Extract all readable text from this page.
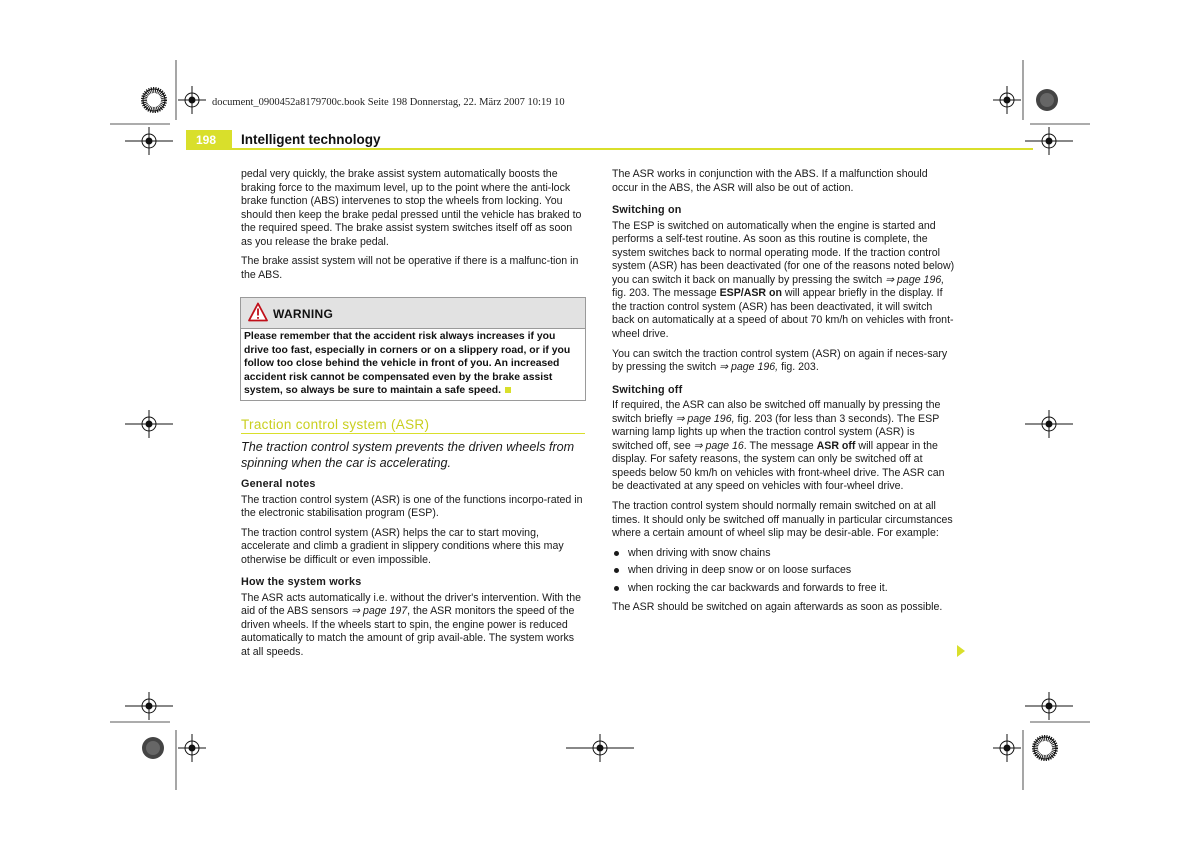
document_0900452a8179700c.book Seite 198 Donnerstag, 22. März 2007 10:19 10
198	Intelligent technology

pedal very quickly, the brake assist system automatically boosts the braking force to the maximum level, up to the point where the anti-lock brake function (ABS) intervenes to stop the wheels from locking. You should then keep the brake pedal pressed until the vehicle has braked to the required speed. The brake assist system switches itself off as soon as you release the brake pedal.

The brake assist system will not be operative if there is a malfunc-tion in the ABS.

WARNING
Please remember that the accident risk always increases if you drive too fast, especially in corners or on a slippery road, or if you follow too close behind the vehicle in front of you. An increased accident risk cannot be compensated even by the brake assist system, so always be sure to maintain a safe speed.
Traction control system (ASR)
The traction control system prevents the driven wheels from spinning when the car is accelerating.
General notes

The traction control system (ASR) is one of the functions incorpo-rated in the electronic stabilisation program (ESP).

The traction control system (ASR) helps the car to start moving, accelerate and climb a gradient in slippery conditions where this may otherwise be difficult or even impossible.

How the system works

The ASR acts automatically i.e. without the driver's intervention. With the aid of the ABS sensors ⇒ page 197, the ASR monitors the speed of the driven wheels. If the wheels start to spin, the engine power is reduced automatically to match the amount of grip avail-able. The system works at all speeds.

The ASR works in conjunction with the ABS. If a malfunction should occur in the ABS, the ASR will also be out of action.

Switching on

The ESP is switched on automatically when the engine is started and performs a self-test routine. As soon as this routine is complete, the system switches back to normal operating mode. If the traction control system (ASR) has been deactivated (for one of the reasons noted below) you can switch it back on manually by pressing the switch ⇒ page 196, fig. 203. The message ESP/ASR on will appear briefly in the display. If the traction control system (ASR) has been deactivated, it will switch back on automatically at a speed of about 70 km/h on vehicles with front-wheel drive.

You can switch the traction control system (ASR) on again if neces-sary by pressing the switch ⇒ page 196, fig. 203.

Switching off

If required, the ASR can also be switched off manually by pressing the switch briefly ⇒ page 196, fig. 203 (for less than 3 seconds). The ESP warning lamp lights up when the traction control system (ASR) is switched off, see ⇒ page 16. The message ASR off will appear in the display. For safety reasons, the system can only be switched off at speeds below 50 km/h on vehicles with front-wheel drive. The ASR can be deactivated at any speed on vehicles with four-wheel drive.

The traction control system should normally remain switched on at all times. It should only be switched off manually in particular circumstances where a certain amount of wheel slip may be desir-able. For example:

when driving with snow chains
when driving in deep snow or on loose surfaces
when rocking the car backwards and forwards to free it.

The ASR should be switched on again afterwards as soon as possible.
